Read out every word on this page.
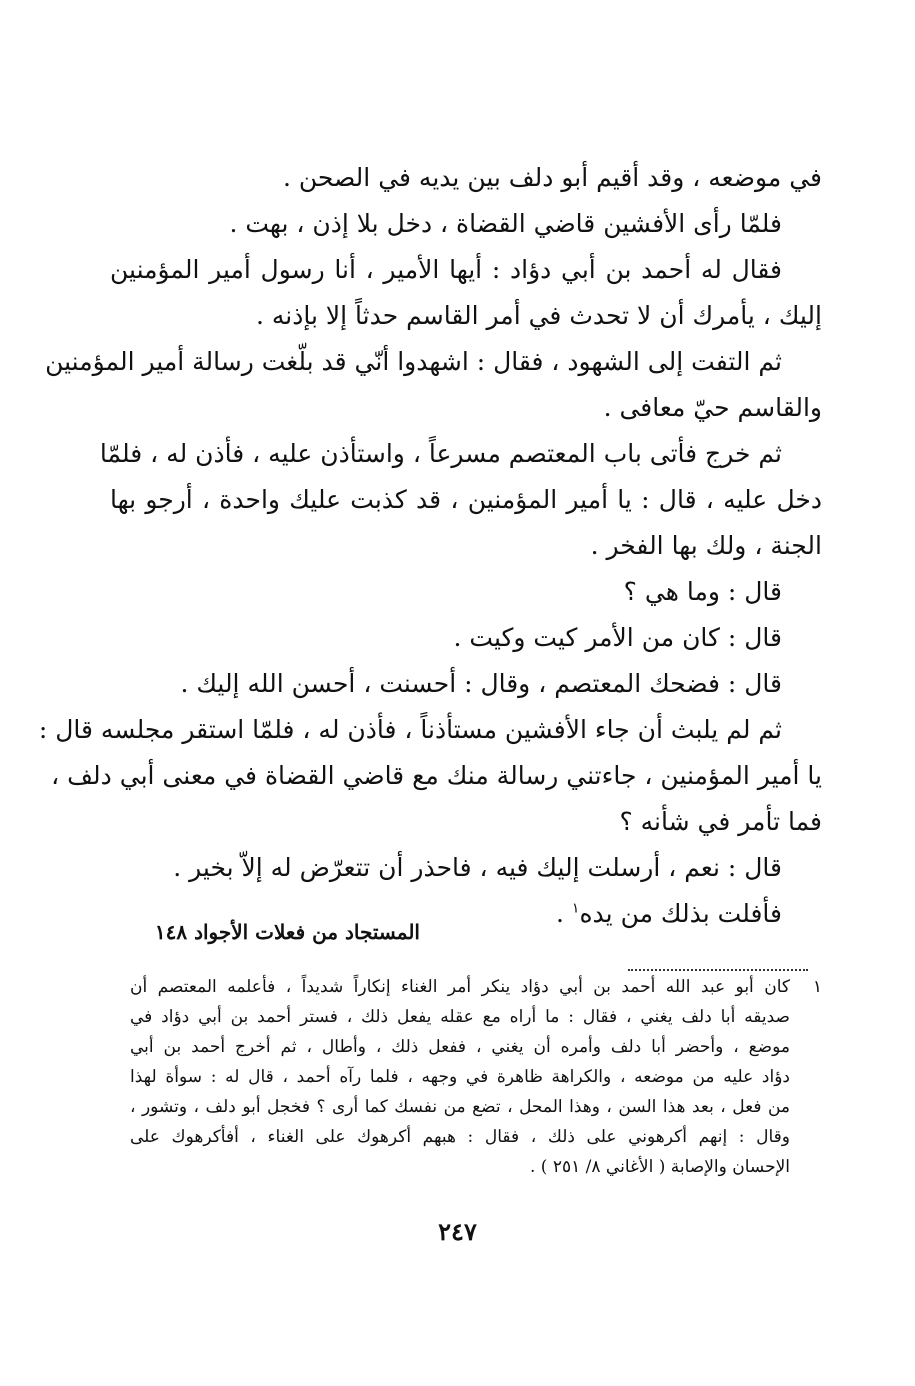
في موضعه ، وقد أقيم أبو دلف بين يديه في الصحن .
فلمّا رأى الأفشين قاضي القضاة ، دخل بلا إذن ، بهت .
فقال له أحمد بن أبي دؤاد : أيها الأمير ، أنا رسول أمير المؤمنين
إليك ، يأمرك أن لا تحدث في أمر القاسم حدثاً إلا بإذنه .
ثم التفت إلى الشهود ، فقال : اشهدوا أنّي قد بلّغت رسالة أمير المؤمنين
والقاسم حيّ معافى .
ثم خرج فأتى باب المعتصم مسرعاً ، واستأذن عليه ، فأذن له ، فلمّا
دخل عليه ، قال : يا أمير المؤمنين ، قد كذبت عليك واحدة ، أرجو بها
الجنة ، ولك بها الفخر .
قال : وما هي ؟
قال : كان من الأمر كيت وكيت .
قال : فضحك المعتصم ، وقال : أحسنت ، أحسن الله إليك .
ثم لم يلبث أن جاء الأفشين مستأذناً ، فأذن له ، فلمّا استقر مجلسه قال :
يا أمير المؤمنين ، جاءتني رسالة منك مع قاضي القضاة في معنى أبي دلف ،
فما تأمر في شأنه ؟
قال : نعم ، أرسلت إليك فيه ، فاحذر أن تتعرّض له إلاّ بخير .
فأفلت بذلك من يده$^١$ .
المستجاد من فعلات الأجواد ١٤٨
١كان أبو عبد الله أحمد بن أبي دؤاد ينكر أمر الغناء إنكاراً شديداً ، فأعلمه المعتصم أن
صديقه أبا دلف يغني ، فقال : ما أراه مع عقله يفعل ذلك ، فستر أحمد بن أبي دؤاد في
موضع ، وأحضر أبا دلف وأمره أن يغني ، ففعل ذلك ، وأطال ، ثم أخرج أحمد بن أبي
دؤاد عليه من موضعه ، والكراهة ظاهرة في وجهه ، فلما رآه أحمد ، قال له : سوأة لهذا
من فعل ، بعد هذا السن ، وهذا المحل ، تضع من نفسك كما أرى ؟ فخجل أبو دلف ، وتشور ،
وقال : إنهم أكرهوني على ذلك ، فقال : هبهم أكرهوك على الغناء ، أفأكرهوك على
الإحسان والإصابة ( الأغاني ٨/ ٢٥١ ) .
٢٤٧
